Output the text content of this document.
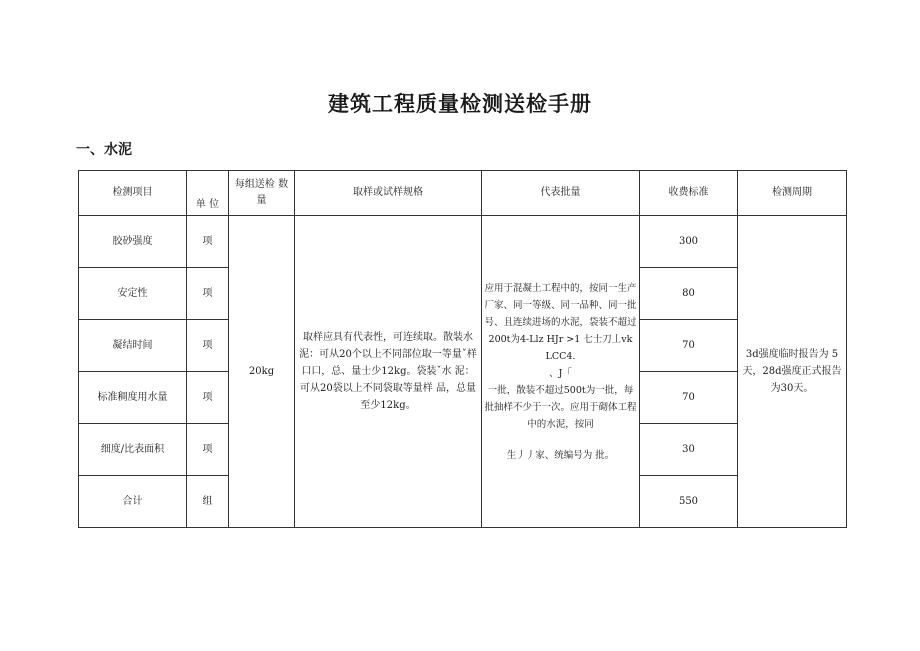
建筑工程质量检测送检手册
一、水泥
检测项目	单 位	每组送检 数量	取样或试样规格	代表批量	收费标准	检测周期
胶砂强度	项	20kg	取样应具有代表性，可连续取。散装水泥：可从20个以上不同部位取一等量ˇ样口口，总、量士少12kg。袋装ˇ水 泥：可从20袋以上不同袋取等量样 品，总量至少12kg。	应用于混凝土工程中的，按同一生产厂家、同一等级、同一品种、同一批号、且连续进场的水泥，袋装不超过200t为4-Llz HJr >1 七士刀丄vk LCC4.
、J「
一批，散装不超过500t为一批，每批抽样不少于一次。应用于砌体工程中的水泥，按同
生丿丿家、统编号为 批。	300	3d强度临时报告为 5天，28d强度正式报告为30天。
安定性	项				80	
凝结时间	项				70	
标准稠度用水量	项				70	
细度/比表面积	项				30	
合计	组				550	
